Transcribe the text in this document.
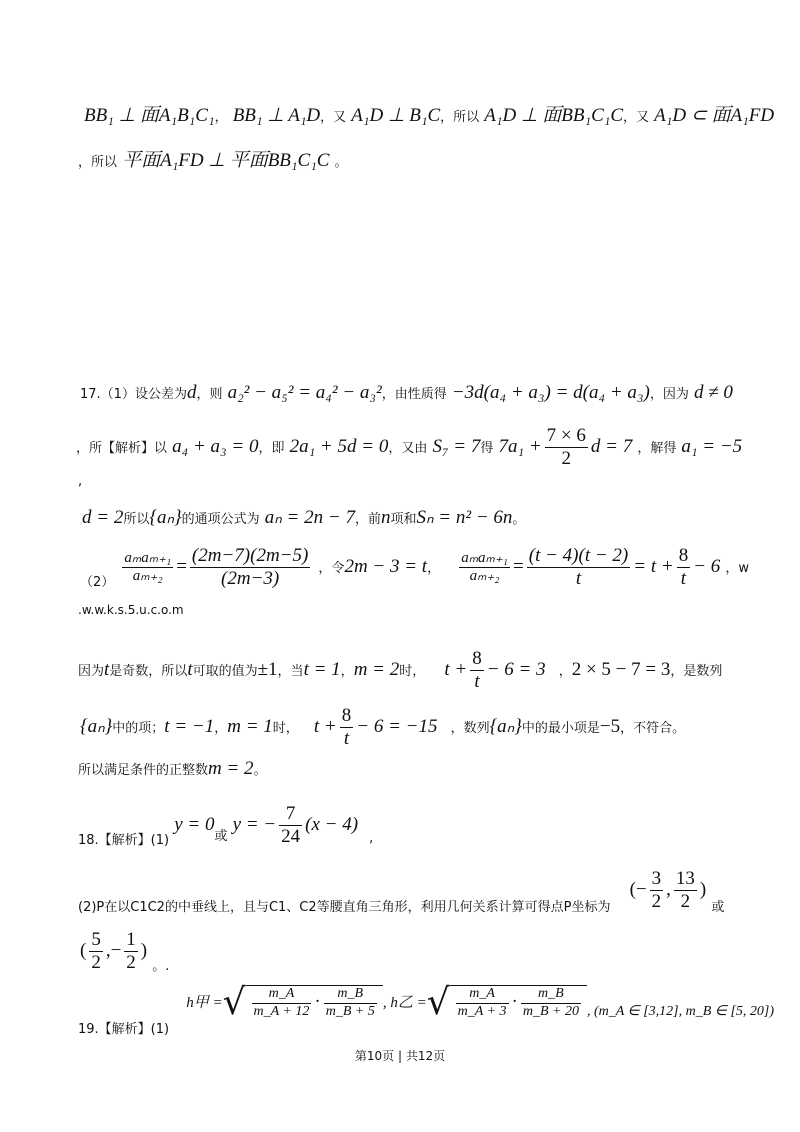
BB₁ ⊥ 面A₁B₁C₁， BB₁ ⊥ A₁D，又 A₁D ⊥ B₁C，所以 A₁D ⊥ 面BB₁C₁C，又 A₁D ⊂ 面A₁FD
，所以 平面A₁FD ⊥ 平面BB₁C₁C 。
17.（1）设公差为d，则 a₂² − a₅² = a₄² − a₃²，由性质得 −3d(a₄ + a₃) = d(a₄ + a₃)，因为 d ≠ 0
，所【解析】以 a₄ + a₃ = 0，即 2a₁ + 5d = 0，又由 S₇ = 7得 $7a_1 + \frac{7 \times 6}{2}$ d = 7 ，解得 a₁ = −5
,
d = 2所以{aₙ}的通项公式为 aₙ = 2n − 7，前n项和Sₙ = n² − 6n。
$_{(2)} \frac{\text{aₘaₘ₊₁}}{\text{aₘ₊₂}} = \frac{(2m-7)(2m-5)}{(2m-3)}$ ，令2m − 3 = t， $\frac{\text{aₘaₘ₊₁}}{\text{aₘ₊₂}} = \frac{(t - 4)(t - 2)}{t} = t + \frac{8}{t} - 6$ ，w
.w.w.k.s.5.u.c.o.m
因为t是奇数，所以t可取的值为±1，当t = 1，m = 2时， $t + \frac{8}{t} - 6 = 3$ ，2 × 5 − 7 = 3，是数列
{aₙ}中的项；t = −1，m = 1时， $t + \frac{8}{t} - 6 = -15$ ，数列{aₙ}中的最小项是−5，不符合。
所以满足条件的正整数m = 2。
$_{18.【解析】(1)}$ $y = 0_或$ y = − $\frac{7}{24} (x - 4)$ $_,$
$_{(2)P在以C1C2的中垂线上,且与C1、C2等腰直角三角形,利用几何关系计算可得点P坐标为}$ (− $\frac{3}{2}$ , $\frac{13}{2}$ ) $_或$
( $\frac{5}{2}$ ,− $\frac{1}{2}$ ) $_{。.}$
$_{19.【解析】(1)}$ h甲 =√ $\frac{m\_A}{m\_A + 12} \cdot \frac{m\_B}{m\_B + 5}$ , h乙 =√ $\frac{m\_A}{m\_A + 3} \cdot \frac{m\_B}{m\_B + 20}$ , (m_A ∈ [3,12], m_B ∈ [5, 20])
第10页 | 共12页
